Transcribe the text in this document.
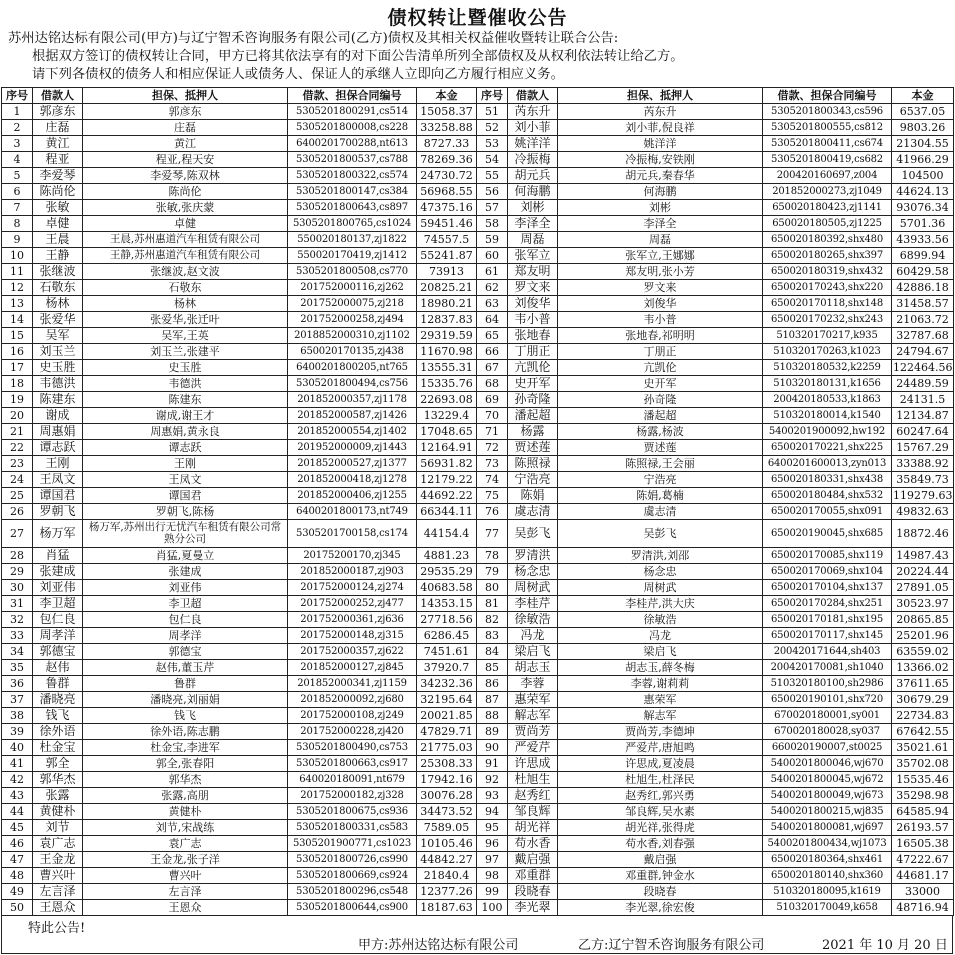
债权转让暨催收公告
苏州达铭达标有限公司(甲方)与辽宁智禾咨询服务有限公司(乙方)债权及其相关权益催收暨转让联合公告:
根据双方签订的债权转让合同，甲方已将其依法享有的对下面公告清单所列全部债权及从权利依法转让给乙方。
请下列各债权的债务人和相应保证人或债务人、保证人的承继人立即向乙方履行相应义务。
序号	借款人	担保、抵押人	借款、担保合同编号	本金	序号	借款人	担保、抵押人	借款、担保合同编号	本金
1	郭彦东	郭彦东	5305201800291,cs514	15058.37	51	芮东升	芮东升	5305201800343,cs596	6537.05
2	庄磊	庄磊	5305201800008,cs228	33258.88	52	刘小菲	刘小菲,倪良祥	5305201800555,cs812	9803.26
3	黄江	黄江	6400201700288,nt613	8727.33	53	姚洋洋	姚洋洋	5305201800411,cs674	21304.55
4	程亚	程亚,程天安	5305201800537,cs788	78269.36	54	冷振梅	冷振梅,安铁刚	5305201800419,cs682	41966.29
5	李爱琴	李爱琴,陈双林	5305201800322,cs574	24730.72	55	胡元兵	胡元兵,秦春华	200420160697,z004	104500
6	陈尚伦	陈尚伦	5305201800147,cs384	56968.55	56	何海鹏	何海鹏	201852000273,zj1049	44624.13
7	张敏	张敏,张庆蒙	5305201800643,cs897	47375.16	57	刘彬	刘彬	650020180423,zj1141	93076.34
8	卓健	卓健	5305201800765,cs1024	59451.46	58	李泽全	李泽全	650020180505,zj1225	5701.36
9	王晨	王晨,苏州惠道汽车租赁有限公司	550020180137,zj1822	74557.5	59	周磊	周磊	650020180392,shx480	43933.56
10	王静	王静,苏州惠道汽车租赁有限公司	550020170419,zj1412	55241.87	60	张军立	张军立,王娜娜	650020180265,shx397	6899.94
11	张继波	张继波,赵文波	5305201800508,cs770	73913	61	郑友明	郑友明,张小芳	650020180319,shx432	60429.58
12	石敬东	石敬东	201752000116,zj262	20825.21	62	罗文来	罗文来	650020170243,shx220	42886.18
13	杨林	杨林	201752000075,zj218	18980.21	63	刘俊华	刘俊华	650020170118,shx148	31458.57
14	张爱华	张爱华,张迁叶	201752000258,zj494	12837.83	64	韦小普	韦小普	650020170232,shx243	21063.72
15	吴军	吴军,王英	2018852000310,zj1102	29319.59	65	张地春	张地春,祁明明	510320170217,k935	32787.68
16	刘玉兰	刘玉兰,张建平	650020170135,zj438	11670.98	66	丁朋正	丁朋正	510320170263,k1023	24794.67
17	史玉胜	史玉胜	6400201800205,nt765	13555.31	67	亢凯伦	亢凯伦	510320180532,k2259	122464.56
18	韦德洪	韦德洪	5305201800494,cs756	15335.76	68	史开军	史开军	510320180131,k1656	24489.59
19	陈建东	陈建东	201852000357,zj1178	22693.08	69	孙奇隆	孙奇隆	200420180533,k1863	24131.5
20	谢成	谢成,谢王才	201852000587,zj1426	13229.4	70	潘起超	潘起超	510320180014,k1540	12134.87
21	周惠娟	周惠娟,黄永良	201852000554,zj1402	17048.65	71	杨露	杨露,杨波	5400201900092,hw192	60247.64
22	谭志跃	谭志跃	201952000009,zj1443	12164.91	72	贾述莲	贾述莲	650020170221,shx225	15767.29
23	王刚	王刚	201852000527,zj1377	56931.82	73	陈照禄	陈照禄,王会丽	6400201600013,zyn013	33388.92
24	王凤文	王凤文	201852000418,zj1278	12179.22	74	宁浩亮	宁浩亮	650020180331,shx438	35849.73
25	谭国君	谭国君	201852000406,zj1255	44692.22	75	陈娟	陈娟,葛楠	650020180484,shx532	119279.63
26	罗朝飞	罗朝飞,陈杨	6400201800173,nt749	66344.11	76	虞志清	虞志清	650020170055,shx091	49832.63
27	杨万军	杨万军,苏州出行无忧汽车租赁有限公司常熟分公司	5305201700158,cs174	44154.4	77	吴彭飞	吴彭飞	650020190045,shx685	18872.46
28	肖猛	肖猛,夏曼立	20175200170,zj345	4881.23	78	罗清洪	罗清洪,刘邵	650020170085,shx119	14987.43
29	张建成	张建成	201852000187,zj903	29535.29	79	杨念忠	杨念忠	650020170069,shx104	20224.44
30	刘亚伟	刘亚伟	201752000124,zj274	40683.58	80	周树武	周树武	650020170104,shx137	27891.05
31	李卫超	李卫超	201752000252,zj477	14353.15	81	李桂芹	李桂芹,洪大庆	650020170284,shx251	30523.97
32	包仁良	包仁良	201752000361,zj636	27718.56	82	徐敏浩	徐敏浩	650020170181,shx195	20865.85
33	周孝洋	周孝洋	201752000148,zj315	6286.45	83	冯龙	冯龙	650020170117,shx145	25201.96
34	郭德宝	郭德宝	201752000357,zj622	7451.61	84	梁启飞	梁启飞	200420171644,sh403	63559.02
35	赵伟	赵伟,董玉芹	201852000127,zj845	37920.7	85	胡志玉	胡志玉,薛冬梅	200420170081,sh1040	13366.02
36	鲁群	鲁群	201852000341,zj1159	34232.36	86	李蓉	李蓉,谢莉莉	510320180100,sh2986	37611.65
37	潘晓亮	潘晓亮,刘丽娟	201852000092,zj680	32195.64	87	惠荣军	惠荣军	650020190101,shx720	30679.29
38	钱飞	钱飞	201752000108,zj249	20021.85	88	解志军	解志军	670020180001,sy001	22734.83
39	徐外语	徐外语,陈志鹏	201752000228,zj420	47829.71	89	贾尚芳	贾尚芳,李德坤	670020180028,sy037	67642.55
40	杜金宝	杜金宝,李进军	5305201800490,cs753	21775.03	90	严爱芹	严爱芹,唐旭鸣	660020190007,st0025	35021.61
41	郭全	郭全,张春阳	5305201800663,cs917	25308.33	91	许思成	许思成,夏凌晨	5400201800046,wj670	35702.08
42	郭华杰	郭华杰	640020180091,nt679	17942.16	92	杜旭生	杜旭生,杜泽民	5400201800045,wj672	15535.46
43	张露	张露,高朋	201752000182,zj328	30076.28	93	赵秀红	赵秀红,郭兴勇	5400201800049,wj673	35298.98
44	黄健朴	黄健朴	5305201800675,cs936	34473.52	94	邹良辉	邹良辉,吴水素	5400201800215,wj835	64585.94
45	刘节	刘节,宋战练	5305201800331,cs583	7589.05	95	胡光祥	胡光祥,张得虎	5400201800081,wj697	26193.57
46	袁广志	袁广志	5305201900771,cs1023	10105.46	96	苟水香	苟水香,刘春强	5400201800434,wj1073	16505.38
47	王金龙	王金龙,张子洋	5305201800726,cs990	44842.27	97	戴启强	戴启强	650020180364,shx461	47222.67
48	曹兴叶	曹兴叶	5305201800669,cs924	21840.4	98	邓重群	邓重群,钟金水	650020180140,shx360	44681.17
49	左言泽	左言泽	5305201800296,cs548	12377.26	99	段晓春	段晓春	510320180095,k1619	33000
50	王恩众	王恩众	5305201800644,cs900	18187.63	100	李光翠	李光翠,徐宏俊	510320170049,k658	48716.94
特此公告!
甲方:苏州达铭达标有限公司	乙方:辽宁智禾咨询服务有限公司	2021 年 10 月 20 日
